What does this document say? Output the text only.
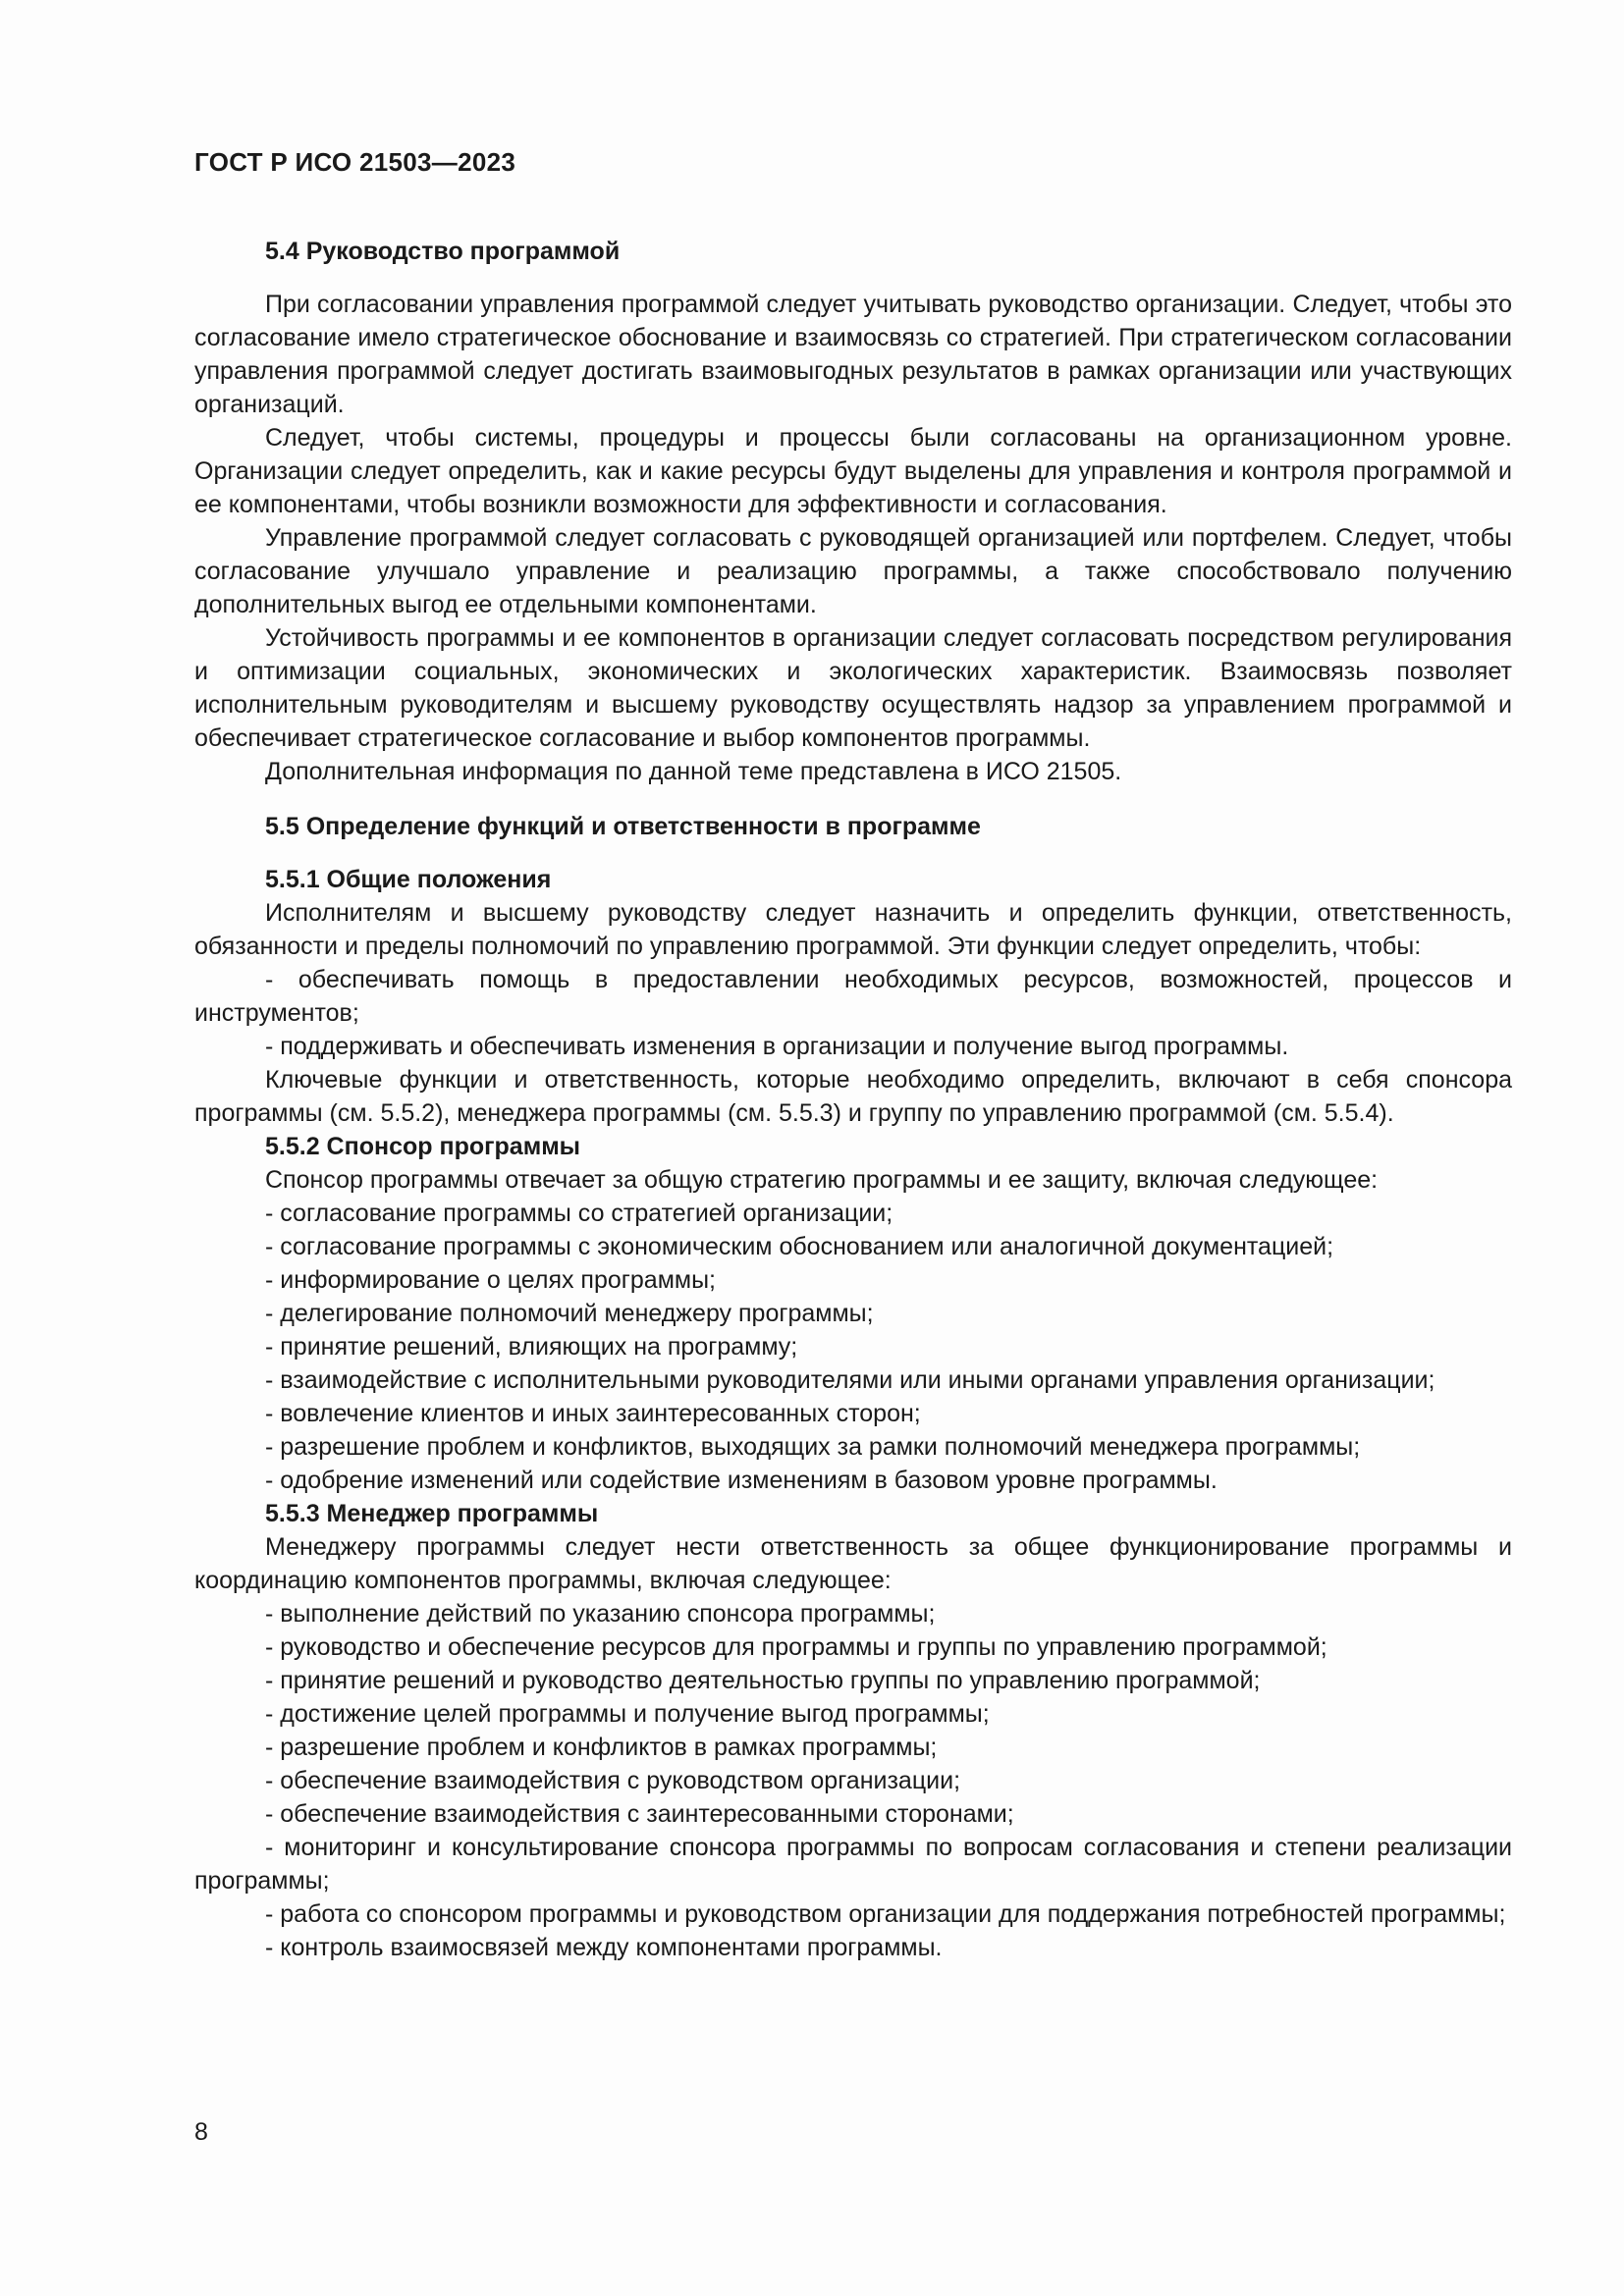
ГОСТ Р ИСО 21503—2023
5.4 Руководство программой

При согласовании управления программой следует учитывать руководство организации. Следует, чтобы это согласование имело стратегическое обоснование и взаимосвязь со стратегией. При стратегическом согласовании управления программой следует достигать взаимовыгодных результатов в рамках организации или участвующих организаций.

Следует, чтобы системы, процедуры и процессы были согласованы на организационном уровне. Организации следует определить, как и какие ресурсы будут выделены для управления и контроля программой и ее компонентами, чтобы возникли возможности для эффективности и согласования.

Управление программой следует согласовать с руководящей организацией или портфелем. Следует, чтобы согласование улучшало управление и реализацию программы, а также способствовало получению дополнительных выгод ее отдельными компонентами.

Устойчивость программы и ее компонентов в организации следует согласовать посредством регулирования и оптимизации социальных, экономических и экологических характеристик. Взаимосвязь позволяет исполнительным руководителям и высшему руководству осуществлять надзор за управлением программой и обеспечивает стратегическое согласование и выбор компонентов программы.

Дополнительная информация по данной теме представлена в ИСО 21505.

5.5 Определение функций и ответственности в программе
5.5.1 Общие положения

Исполнителям и высшему руководству следует назначить и определить функции, ответственность, обязанности и пределы полномочий по управлению программой. Эти функции следует определить, чтобы:

- обеспечивать помощь в предоставлении необходимых ресурсов, возможностей, процессов и инструментов;

- поддерживать и обеспечивать изменения в организации и получение выгод программы.

Ключевые функции и ответственность, которые необходимо определить, включают в себя спонсора программы (см. 5.5.2), менеджера программы (см. 5.5.3) и группу по управлению программой (см. 5.5.4).

5.5.2 Спонсор программы

Спонсор программы отвечает за общую стратегию программы и ее защиту, включая следующее:

- согласование программы со стратегией организации;

- согласование программы с экономическим обоснованием или аналогичной документацией;

- информирование о целях программы;

- делегирование полномочий менеджеру программы;

- принятие решений, влияющих на программу;

- взаимодействие с исполнительными руководителями или иными органами управления организации;

- вовлечение клиентов и иных заинтересованных сторон;

- разрешение проблем и конфликтов, выходящих за рамки полномочий менеджера программы;

- одобрение изменений или содействие изменениям в базовом уровне программы.

5.5.3 Менеджер программы

Менеджеру программы следует нести ответственность за общее функционирование программы и координацию компонентов программы, включая следующее:

- выполнение действий по указанию спонсора программы;

- руководство и обеспечение ресурсов для программы и группы по управлению программой;

- принятие решений и руководство деятельностью группы по управлению программой;

- достижение целей программы и получение выгод программы;

- разрешение проблем и конфликтов в рамках программы;

- обеспечение взаимодействия с руководством организации;

- обеспечение взаимодействия с заинтересованными сторонами;

- мониторинг и консультирование спонсора программы по вопросам согласования и степени реализации программы;

- работа со спонсором программы и руководством организации для поддержания потребностей программы;

- контроль взаимосвязей между компонентами программы.

8
